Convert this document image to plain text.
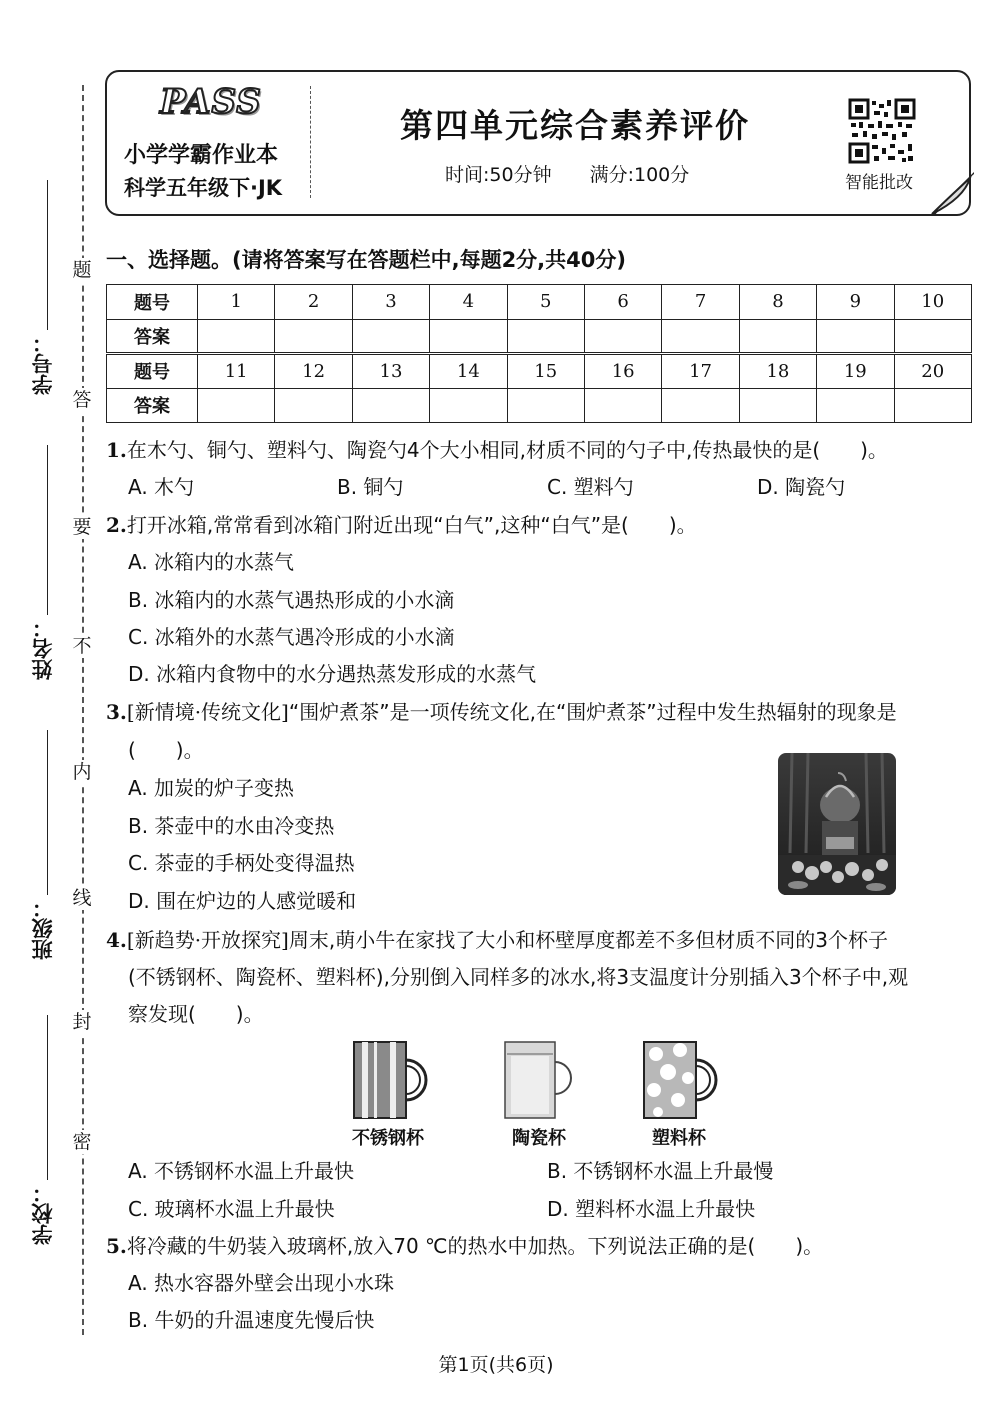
题
答
要
不
内
线
封
密
学号：
姓名：
班级：
学校：
PASS
小学学霸作业本
科学五年级下·JK
第四单元综合素养评价
时间:50分钟 满分:100分	智能批改
一、选择题。(请将答案写在答题栏中,每题2分,共40分)
题号	1	2	3	4	5	6	7	8	9	10
答案										
题号	11	12	13	14	15	16	17	18	19	20
答案										
1.在木勺、铜勺、塑料勺、陶瓷勺4个大小相同,材质不同的勺子中,传热最快的是(　　)。
A. 木勺	B. 铜勺	C. 塑料勺	D. 陶瓷勺
2.打开冰箱,常常看到冰箱门附近出现“白气”,这种“白气”是(　　)。
A. 冰箱内的水蒸气
B. 冰箱内的水蒸气遇热形成的小水滴
C. 冰箱外的水蒸气遇冷形成的小水滴
D. 冰箱内食物中的水分遇热蒸发形成的水蒸气
3.[新情境·传统文化]“围炉煮茶”是一项传统文化,在“围炉煮茶”过程中发生热辐射的现象是
(　　)。
A. 加炭的炉子变热
B. 茶壶中的水由冷变热
C. 茶壶的手柄处变得温热
D. 围在炉边的人感觉暖和
4.[新趋势·开放探究]周末,萌小牛在家找了大小和杯壁厚度都差不多但材质不同的3个杯子
(不锈钢杯、陶瓷杯、塑料杯),分别倒入同样多的冰水,将3支温度计分别插入3个杯子中,观
察发现(　　)。
不锈钢杯	陶瓷杯	塑料杯
A. 不锈钢杯水温上升最快	B. 不锈钢杯水温上升最慢
C. 玻璃杯水温上升最快	D. 塑料杯水温上升最快
5.将冷藏的牛奶装入玻璃杯,放入70 ℃的热水中加热。下列说法正确的是(　　)。
A. 热水容器外壁会出现小水珠
B. 牛奶的升温速度先慢后快
第1页(共6页)
